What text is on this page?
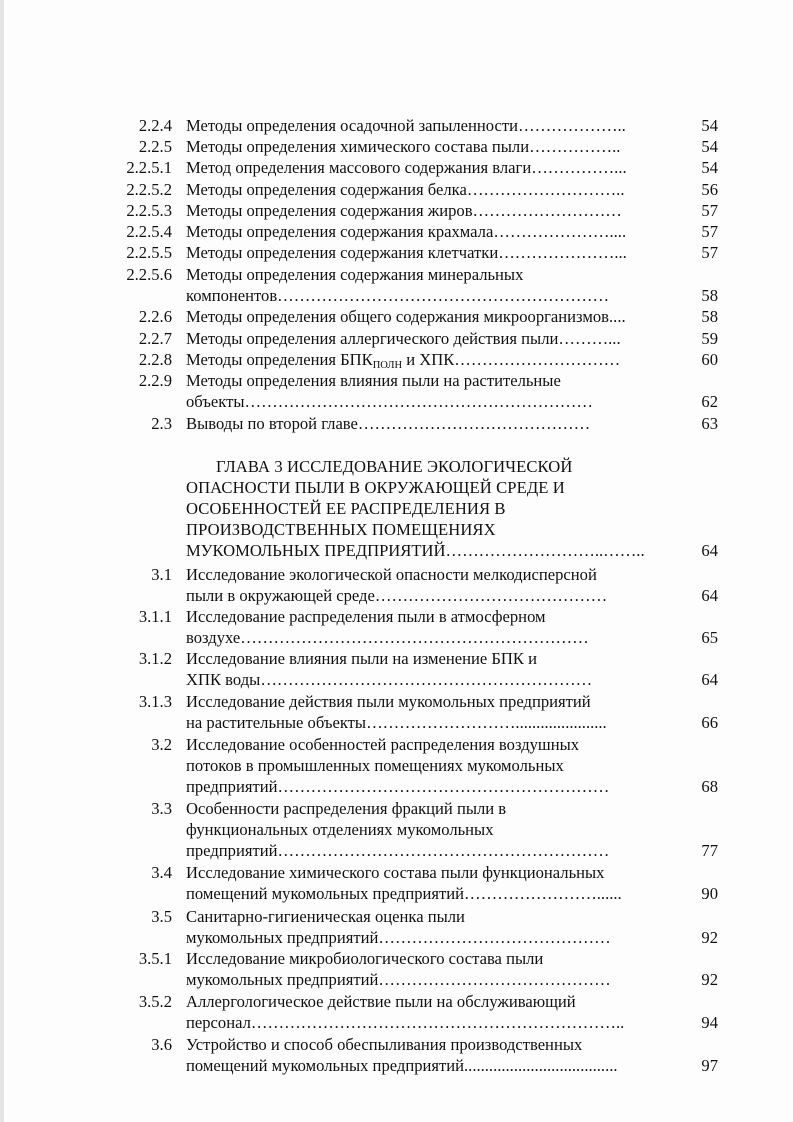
2.2.4 Методы определения осадочной запыленности………………..	54
2.2.5 Методы определения химического состава пыли……………..	54
2.2.5.1 Метод определения массового содержания влаги……………...	54
2.2.5.2 Методы определения содержания белка………………………..	56
2.2.5.3 Методы определения содержания жиров………………………	57
2.2.5.4 Методы определения содержания крахмала…………………....	57
2.2.5.5 Методы определения содержания клетчатки…………………...	57
2.2.5.6 Методы определения содержания минеральных
компонентов……………………………………………………	58
2.2.6 Методы определения общего содержания микроорганизмов....	58
2.2.7 Методы определения аллергического действия пыли………...	59
2.2.8 Методы определения $БПК_{ПОЛН}$ и ХПК…………………………	60
2.2.9 Методы определения влияния пыли на растительные
объекты………………………………………………………	62
2.3 Выводы по второй главе……………………………………	63
ГЛАВА 3 ИССЛЕДОВАНИЕ ЭКОЛОГИЧЕСКОЙ
ОПАСНОСТИ ПЫЛИ В ОКРУЖАЮЩЕЙ СРЕДЕ И
ОСОБЕННОСТЕЙ ЕЕ РАСПРЕДЕЛЕНИЯ В
ПРОИЗВОДСТВЕННЫХ ПОМЕЩЕНИЯХ
МУКОМОЛЬНЫХ ПРЕДПРИЯТИЙ………………………..……..	64
3.1 Исследование экологической опасности мелкодисперсной
пыли в окружающей среде……………………………………	64
3.1.1 Исследование распределения пыли в атмосферном
воздухе………………………………………………………	65
3.1.2 Исследование влияния пыли на изменение БПК и
ХПК воды……………………………………………………	64
3.1.3 Исследование действия пыли мукомольных предприятий
на растительные объекты………………………......................	66
3.2 Исследование особенностей распределения воздушных
потоков в промышленных помещениях мукомольных
предприятий……………………………………………………	68
3.3 Особенности распределения фракций пыли в
функциональных отделениях мукомольных
предприятий……………………………………………………	77
3.4 Исследование химического состава пыли функциональных
помещений мукомольных предприятий……………………......	90
3.5 Санитарно-гигиеническая оценка пыли
мукомольных предприятий……………………………………	92
3.5.1 Исследование микробиологического состава пыли
мукомольных предприятий……………………………………	92
3.5.2 Аллергологическое действие пыли на обслуживающий
персонал…………………………………………………………..	94
3.6 Устройство и способ обеспыливания производственных
помещений мукомольных предприятий.....................................	97
